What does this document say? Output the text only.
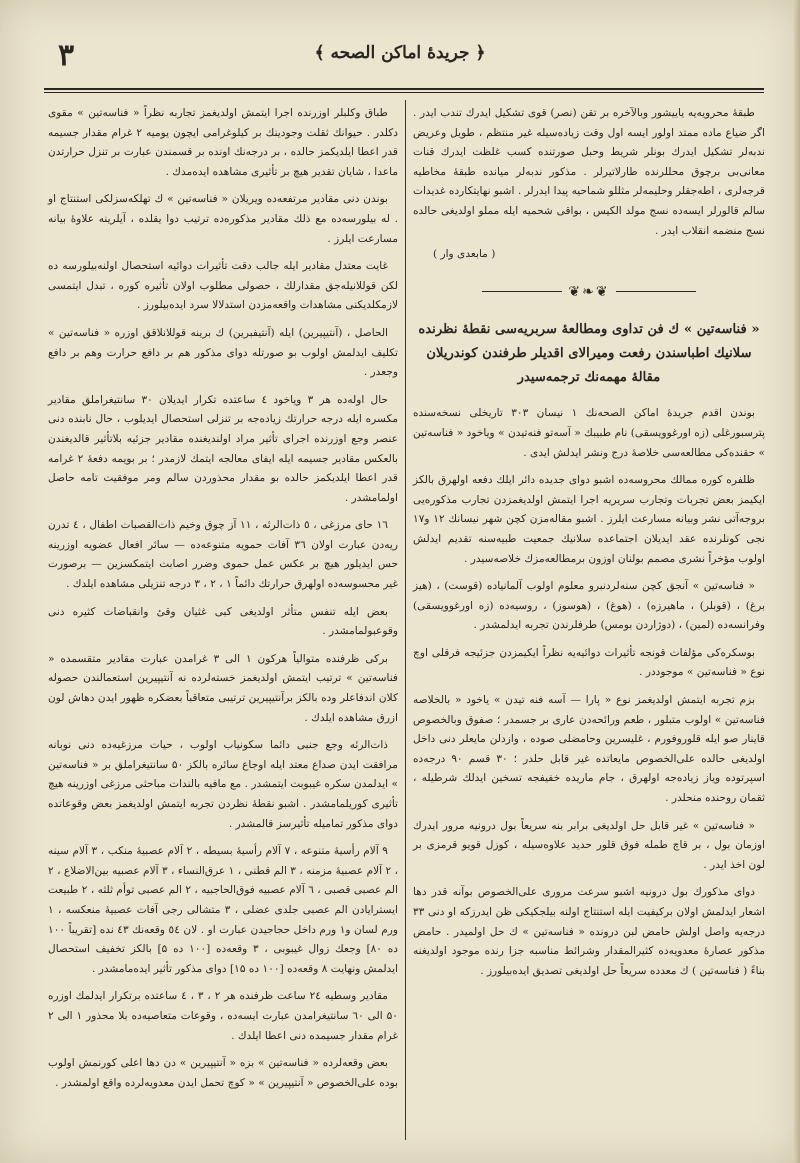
۳	﴿ جريدهٔ اماكن الصحه ﴾

طبقهٔ محرویه‌یه یاییشور وبالآخره بر تقن (نصر) قوی تشکیل ایدرك تندب ایدر . اگر ضیاع ماده ممتد اولور ایسه اول وقت زیاده‌سیله غیر منتظم ، طویل وعریض ندبه‌لر تشکیل ایدرك بونلر شریط وحبل صورتنده کسب غلظت ایدرك قنات معانی‌بی برچوق محللرنده طارلاتیرلر . مذکور ندبه‌لر میانده طبقهٔ مخاطیه قرجه‌لری ، اطه‌جقلر وحلیمه‌لر مثللو شماحیه پیدا ایدرلر . اشبو نهایتکارده غدیدات سالم قالورلر ایسه‌ده نسج مولد الکیس ، بواقی شحمیه ایله مملو اولدیغی حالده نسج منضمه انقلاب ایدر .

( مابعدی وار )

❦❧❦

« فناسه‌تین » ك فن تداوی ومطالعهٔ سربریه‌سی نقطهٔ نظرنده سلانیك اطباسندن رفعت وميرالای اقدیلر طرفندن کوندریلان مقالهٔ مهمه‌نك ترجمه‌سیدر

بوندن اقدم جریدهٔ اماکن الصحه‌نك ۱ نیسان ۳۰۳ تاریخلی نسخه‌سنده پترسبورغلی (زه اورغوویسقی) نام طبیبك « آسه‌تو فنه‌تیدن » ویاخود « فناسه‌تین » حقنده‌کی مطالعه‌سی خلاصهٔ درج ونشر ایدلش ایدی .

ظلفره کوره ممالك محروسه‌ده اشبو دوای جدیده دائر ایلك دفعه اولهرق بالکز ایکیمز بعض تجربات وتجارب سریریه اجرا ایتمش اولدیغمزدن تجارب مذکوره‌یی بروجه‌آتی نشر وبیانه مسارعت ایلرز . اشبو مقاله‌مزن کچن شهر نیسانك ۱۲ و۱۷ نجی کونلرنده عقد ایدیلان اجتماعده سلانیك جمعیت طبیه‌سنه تقدیم ایدلش اولوب مؤخراً نشری مصمم بولنان اوزون برمطالعه‌مزك خلاصه‌سیدر .

« فناسه‌تین » آنجق کچن سنه‌لردنبرو معلوم اولوب آلمانیاده (قوست) ، (هیز برغ) ، (قوبلر) ، ماهیرزه) ، (هوغ) ، (هوسوز) ، روسیه‌ده (زه اورغوویسقی) وفرانسه‌ده (لمین) ، (دوژاردن بومس) طرفلرندن تجربه ایدلمشدر .

بوسکره‌کی مؤلفات قونجه تأثیرات دوائیه‌یه نظراً ایکیمزدن جزئیجه فرقلی اوچ نوع « فناسه‌تین » موجوددر .

بزم تجربه ایتمش اولدیغمز نوع « پارا — آسه فنه تیدن » یاخود « بالخلاصه فناسه‌تین » اولوب متبلور ، طعم ورائحه‌دن عاری بر جسمدر ؛ صفوق وبالخصوص قاینار صو ایله قلوروفورم ، غلیسرین وحامضلی صوده ، وازدلن مایعلر دنی داخل اولدیغی حالده علی‌الخصوص مایعاتده غیر قابل حلدر ؛ ۳۰ قسم ۹۰ درجه‌ده اسپرتوده ویاز زیاده‌جه اولهرق ، جام ماریده خفیفجه تسخین ایدلك شرطیله ، ثقمان روحنده منحلدر .

« فناسه‌تین » غیر قابل حل اولدیغی برابر بنه سریعاً بول درونیه مرور ایدرك اوزمان بول ، بر قاچ طمله فوق قلور حدید علاوه‌سیله ، کوزل قویو قرمزی بر لون اخذ ایدر .

دوای مذکورك بول درونیه اشبو سرعت مروری علی‌الخصوص بوآنه قدر دها اشعار ایدلمش اولان برکیفیت ایله استنتاج اولنه بیلجکیکی ظن ایدرزکه او دنی ۳۳ درجه‌یه واصل اولش حامض لبن درونده « فناسه‌تین » ك حل اولمیدر . حامض مذکور عصارهٔ معدویه‌ده کثیرالمقدار وشرائط مناسبه جزا رنده موجود اولدیغنه بناءً ( فناسه‌تین ) ك معدده سریعاً حل اولدیغی تصدیق ایده‌بیلورز .

طباق وكلبلر اوزرنده اجرا ایتمش اولدیغمز تجاربه نظراً « فناسه‌تین » مقوی دکلدر . حیوانك ثقلت وجودینك بر کیلوغرامی ایچون یومیه ۲ غرام مقدار جسیمه قدر اعطا ایلدیکمز حالده ، بر درجه‌نك اونده بر قسمندن عبارت بر تنزل حرارتدن ماعدا ، شایان تقدیر هیچ بر تأثیری مشاهده ایده‌مدك .

بوندن دنی مقادیر مرتفعه‌ده ویریلان « فناسه‌تین » ك تهلکه‌سزلکی استنتاج او . له بیلورسه‌ده مع ذلك مقادیر مذکوره‌ده ترتیب دوا یقلده ، آیلرینه علاوهٔ بیانه مسارعت ایلرز .

غایت معتدل مقادیر ایله جالب دقت تأثیرات دوائیه استحصال اولنه‌بیلورسه ده لکن قوللانیله‌جق مقدارلك ، حصولی مطلوب اولان تأثیره کوره ، تبدل ایتمسی لازمکلدیکنی مشاهدات واقعه‌مزدن استدلالا سرد ایده‌بیلورز .

الحاصل ، (آنتیپیرین) ایله (آنتیفبرین) ك برینه قوللانلاقق اوزره « فناسه‌تین » تکلیف ایدلمش اولوب بو صورتله دوای مذکور هم بر دافع حرارت وهم بر دافع وجعدر .

حال اوله‌ده هر ۳ ویاخود ٤ ساعتده تکرار ایدیلان ۳۰ سانتیغراملق مقادیر مکسره ایله درجه حرارتك زیاده‌جه بر تنزلی استحصال ایدیلوب ، حال نابنده دنی عنصر وجع اوزرنده اجرای تأثیر مراد اولندیغنده مقادیر جزئیه بلاتأثیر قالدیغندن بالعکس مقادیر جسیمه ایله ایفای معالجه ایتمك لازمدر ؛ بر بویمه دفعهٔ ۲ غرامه قدر اعطا ایلدیکمز حالده بو مقدار محذوردن سالم ومر موفقیت تامه حاصل اولمامشدر .

١٦ حای مرزغی ، ٥ ذات‌الرئه ، ١١ آز چوق وخیم ذات‌القصبات اطفال ، ٤ تدرن ریه‌دن عبارت اولان ۳٦ آفات حمویه متنوعه‌ده — سائر افعال عضویه اوزرینه حس ایدیلور هیچ بر عکس عمل حموی وضرر اصابت ایتمکسزین — برصورت غیر محسوسه‌ده اولهرق حرارتك دائماً ١ ، ۲ ، ۳ درجه تنزیلی مشاهده ایلدك .

بعض ایله تنفس متأثر اولدیغی کبی غثیان وقئ وانقباضات کثیره دنی وقوعبولمامشدر .

برکی ظرفنده متوالیاً هرکون ۱ الی ۳ غرامدن عبارت مقادیر متقسمده « فناسه‌تین » ترتیب ایتمش اولدیغمز خسته‌لرده نه آنتیپیرین استعمالندن حصوله کلان اندفاعلر وده بالکز برآنتیپیرین ترتیبی متعاقباً بعضکره ظهور ایدن دهاش لون ازرق مشاهده ایلدك .

ذات‌الرئه وجع جنبی دائما سکونیاب اولوب ، حیات مرزغیه‌ده دنی نوبانه مرافقت ایدن صداع معتد ایله اوجاع سائره بالکز ۵۰ سانتیغراملق بر « فناسه‌تین » ایدلمدن سکره غیبوبت ایتمشدر . مع مافیه بالندات مباحثی مرزغی اوزرینه هیچ تأثیری کوریلمامشدر . اشبو نقطهٔ نظردن تجربه ایتمش اولدیغمز بعض وقوعاتده دوای مذکور تمامیله تأثیرسز قالمشدر .

۹ آلام رأسیهٔ متنوعه ، ۷ آلام رأسیهٔ بسیطه ، ۲ آلام عصبیهٔ منکب ، ۳ آلام سینه ، ۲ آلام عصبیهٔ مزمنه ، ۳ الم قطنی ، ١ عرق‌النساء ، ۳ آلام عصبیه بین‌الاضلاع ، ۲ الم عصبی قصبی ، ٦ آلام عصبیه فوق‌الحاجبیه ، ۲ الم عصبی توأم ثلثه ، ۲ طبیعت ایسترایادن الم عصبی جلدی عضلی ، ۳ متشالی رجی آفات عصبیهٔ منعکسه ، ۱ ورم لسان و۱ ورم داخل حجاجیدن عبارت او . لان ٥٤ وقعه‌نك ٤۳ نده [تقریباً ۱۰۰ ده ۸۰] وجعك زوال غیبوبی ، ۳ وقعه‌ده [۱۰۰ ده ۵] بالکز تخفیف استحصال ایدلمش ونهایت ۸ وقعه‌ده [۱۰۰ ده ۱۵] دوای مذکور تأثیر ایده‌مامشدر .

مقادیر وسطیه ۲٤ ساعت ظرفنده هر ۲ ، ۳ ، ٤ ساعتده برتکرار ایدلمك اوزره ۵۰ الی ٦۰ سانتیغرامدن عبارت ایسه‌ده ، وقوعات متعاصیه‌ده بلا محذور ١ الی ۲ غرام مقدار جسیمده دنی اعطا ایلدك .

بعض وقعه‌لرده « فناسه‌تین » بزه « آنتیپیرین » دن دها اعلی کورنمش اولوب بوده علی‌الخصوص « آنتیپیرین » « کوچ تحمل ایدن معدویه‌لرده واقع اولمشدر .
